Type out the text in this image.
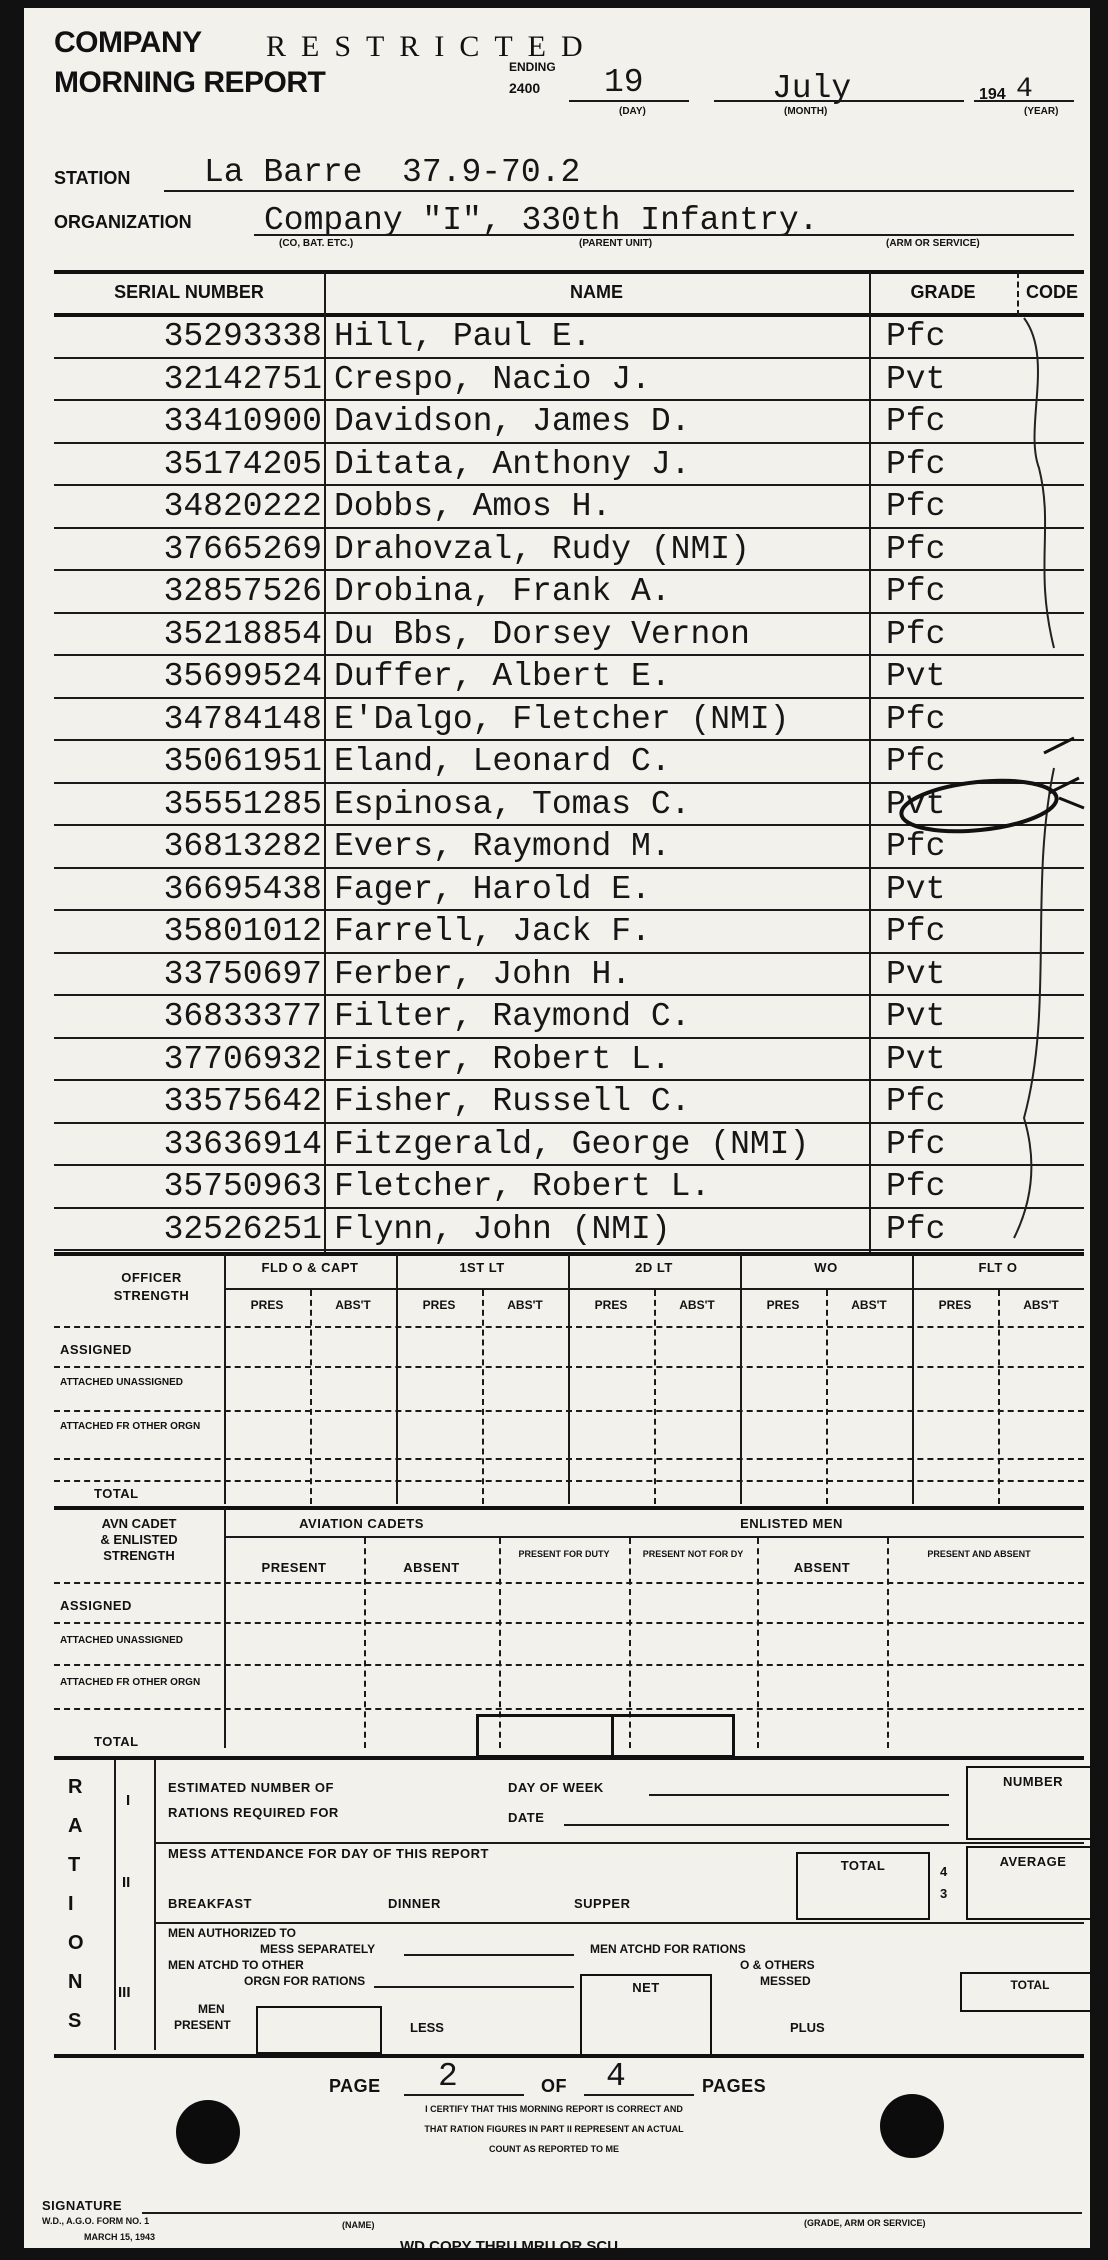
COMPANY
MORNING REPORT
RESTRICTED
ENDING
2400 19
(DAY)
July
(MONTH)
194 4
(YEAR)
STATION La Barre  37.9-70.2
ORGANIZATION Company "I", 330th Infantry.
(CO, BAT. ETC.)	(PARENT UNIT)	(ARM OR SERVICE)
SERIAL NUMBER	NAME	GRADE	CODE
35293338 Hill, Paul E.	Pfc
32142751 Crespo, Nacio J.	Pvt
33410900 Davidson, James D.	Pfc
35174205 Ditata, Anthony J.	Pfc
34820222 Dobbs, Amos H.	Pfc
37665269 Drahovzal, Rudy (NMI)	Pfc
32857526 Drobina, Frank A.	Pfc
35218854 Du Bbs, Dorsey Vernon	Pfc
35699524 Duffer, Albert E.	Pvt
34784148 E'Dalgo, Fletcher (NMI)	Pfc
35061951 Eland, Leonard C.	Pfc
35551285 Espinosa, Tomas C.	Pvt
36813282 Evers, Raymond M.	Pfc
36695438 Fager, Harold E.	Pvt
35801012 Farrell, Jack F.	Pfc
33750697 Ferber, John H.	Pvt
36833377 Filter, Raymond C.	Pvt
37706932 Fister, Robert L.	Pvt
33575642 Fisher, Russell C.	Pfc
33636914 Fitzgerald, George (NMI)	Pfc
35750963 Fletcher, Robert L.	Pfc
32526251 Flynn, John (NMI)	Pfc
OFFICER
STRENGTH
FLD O & CAPT
PRES	ABS'T
1ST LT
PRES	ABS'T
2D LT
PRES	ABS'T
WO
PRES	ABS'T
FLT O
PRES	ABS'T
ASSIGNED
ATTACHED UNASSIGNED
ATTACHED FR OTHER ORGN
TOTAL
AVN CADET
& ENLISTED
STRENGTH
AVIATION CADETS	ENLISTED MEN
PRESENT	ABSENT
PRESENT FOR DUTY	PRESENT NOT FOR DY
ABSENT
PRESENT AND ABSENT
ASSIGNED
ATTACHED UNASSIGNED
ATTACHED FR OTHER ORGN
TOTAL
R
A
T
I
O
N
S
I
ESTIMATED NUMBER OF
RATIONS REQUIRED FOR
DAY OF WEEK
DATE
NUMBER
II
MESS ATTENDANCE FOR DAY OF THIS REPORT
BREAKFAST	DINNER	SUPPER
TOTAL	4
3
AVERAGE
III
MEN AUTHORIZED TO
MESS SEPARATELY	MEN ATCHD FOR RATIONS
MEN ATCHD TO OTHER
ORGN FOR RATIONS	NET
O & OTHERS
MESSED	TOTAL
MEN
PRESENT	LESS	PLUS
PAGE 2	OF 4	PAGES
I CERTIFY THAT THIS MORNING REPORT IS CORRECT AND
THAT RATION FIGURES IN PART II REPRESENT AN ACTUAL
COUNT AS REPORTED TO ME
SIGNATURE
W.D., A.G.O. FORM NO. 1
MARCH 15, 1943
(NAME)	(GRADE, ARM OR SERVICE)
WD COPY THRU MRU OR SCU
